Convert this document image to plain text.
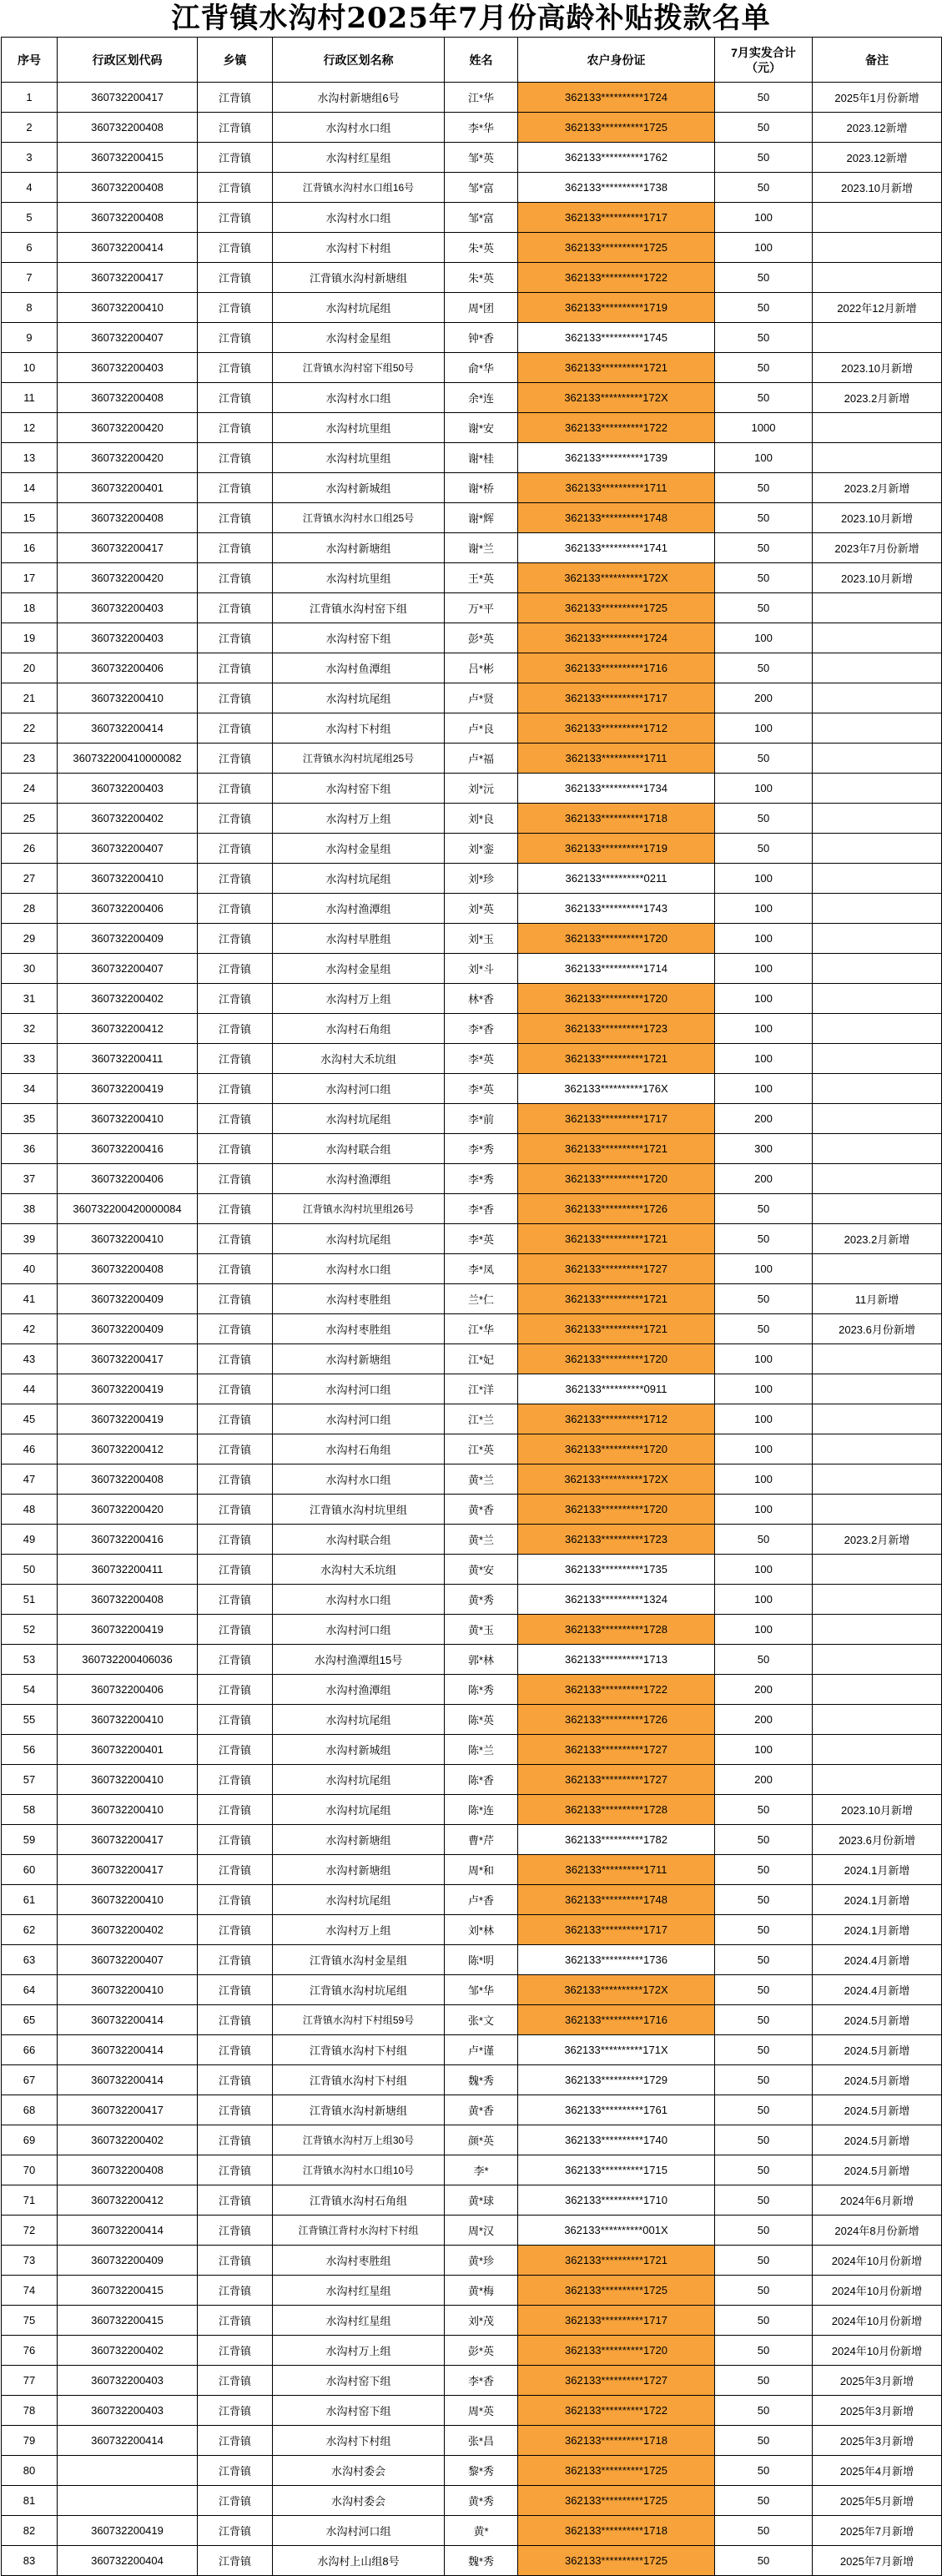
江背镇水沟村2025年7月份高龄补贴拨款名单
序号	行政区划代码	乡镇	行政区划名称	姓名	农户身份证	7月实发合计（元）	备注
1	360732200417	江背镇	水沟村新塘组6号	江*华	362133**********1724	50	2025年1月份新增
2	360732200408	江背镇	水沟村水口组	李*华	362133**********1725	50	2023.12新增
3	360732200415	江背镇	水沟村红星组	邹*英	362133**********1762	50	2023.12新增
4	360732200408	江背镇	江背镇水沟村水口组16号	邹*富	362133**********1738	50	2023.10月新增
5	360732200408	江背镇	水沟村水口组	邹*富	362133**********1717	100	
6	360732200414	江背镇	水沟村下村组	朱*英	362133**********1725	100	
7	360732200417	江背镇	江背镇水沟村新塘组	朱*英	362133**********1722	50	
8	360732200410	江背镇	水沟村坑尾组	周*团	362133**********1719	50	2022年12月新增
9	360732200407	江背镇	水沟村金星组	钟*香	362133**********1745	50	
10	360732200403	江背镇	江背镇水沟村窑下组50号	俞*华	362133**********1721	50	2023.10月新增
11	360732200408	江背镇	水沟村水口组	余*连	362133**********172X	50	2023.2月新增
12	360732200420	江背镇	水沟村坑里组	谢*安	362133**********1722	1000	
13	360732200420	江背镇	水沟村坑里组	谢*桂	362133**********1739	100	
14	360732200401	江背镇	水沟村新城组	谢*桥	362133**********1711	50	2023.2月新增
15	360732200408	江背镇	江背镇水沟村水口组25号	谢*辉	362133**********1748	50	2023.10月新增
16	360732200417	江背镇	水沟村新塘组	谢*兰	362133**********1741	50	2023年7月份新增
17	360732200420	江背镇	水沟村坑里组	王*英	362133**********172X	50	2023.10月新增
18	360732200403	江背镇	江背镇水沟村窑下组	万*平	362133**********1725	50	
19	360732200403	江背镇	水沟村窑下组	彭*英	362133**********1724	100	
20	360732200406	江背镇	水沟村鱼潭组	吕*彬	362133**********1716	50	
21	360732200410	江背镇	水沟村坑尾组	卢*贤	362133**********1717	200	
22	360732200414	江背镇	水沟村下村组	卢*良	362133**********1712	100	
23	360732200410000082	江背镇	江背镇水沟村坑尾组25号	卢*福	362133**********1711	50	
24	360732200403	江背镇	水沟村窑下组	刘*沅	362133**********1734	100	
25	360732200402	江背镇	水沟村万上组	刘*良	362133**********1718	50	
26	360732200407	江背镇	水沟村金星组	刘*銮	362133**********1719	50	
27	360732200410	江背镇	水沟村坑尾组	刘*珍	362133**********0211	100	
28	360732200406	江背镇	水沟村渔潭组	刘*英	362133**********1743	100	
29	360732200409	江背镇	水沟村早胜组	刘*玉	362133**********1720	100	
30	360732200407	江背镇	水沟村金星组	刘*斗	362133**********1714	100	
31	360732200402	江背镇	水沟村万上组	林*香	362133**********1720	100	
32	360732200412	江背镇	水沟村石角组	李*香	362133**********1723	100	
33	360732200411	江背镇	水沟村大禾坑组	李*英	362133**********1721	100	
34	360732200419	江背镇	水沟村河口组	李*英	362133**********176X	100	
35	360732200410	江背镇	水沟村坑尾组	李*前	362133**********1717	200	
36	360732200416	江背镇	水沟村联合组	李*秀	362133**********1721	300	
37	360732200406	江背镇	水沟村渔潭组	李*秀	362133**********1720	200	
38	360732200420000084	江背镇	江背镇水沟村坑里组26号	李*香	362133**********1726	50	
39	360732200410	江背镇	水沟村坑尾组	李*英	362133**********1721	50	2023.2月新增
40	360732200408	江背镇	水沟村水口组	李*凤	362133**********1727	100	
41	360732200409	江背镇	水沟村枣胜组	兰*仁	362133**********1721	50	11月新增
42	360732200409	江背镇	水沟村枣胜组	江*华	362133**********1721	50	2023.6月份新增
43	360732200417	江背镇	水沟村新塘组	江*妃	362133**********1720	100	
44	360732200419	江背镇	水沟村河口组	江*洋	362133**********0911	100	
45	360732200419	江背镇	水沟村河口组	江*兰	362133**********1712	100	
46	360732200412	江背镇	水沟村石角组	江*英	362133**********1720	100	
47	360732200408	江背镇	水沟村水口组	黄*兰	362133**********172X	100	
48	360732200420	江背镇	江背镇水沟村坑里组	黄*香	362133**********1720	100	
49	360732200416	江背镇	水沟村联合组	黄*兰	362133**********1723	50	2023.2月新增
50	360732200411	江背镇	水沟村大禾坑组	黄*安	362133**********1735	100	
51	360732200408	江背镇	水沟村水口组	黄*秀	362133**********1324	100	
52	360732200419	江背镇	水沟村河口组	黄*玉	362133**********1728	100	
53	360732200406036	江背镇	水沟村渔潭组15号	郭*林	362133**********1713	50	
54	360732200406	江背镇	水沟村渔潭组	陈*秀	362133**********1722	200	
55	360732200410	江背镇	水沟村坑尾组	陈*英	362133**********1726	200	
56	360732200401	江背镇	水沟村新城组	陈*兰	362133**********1727	100	
57	360732200410	江背镇	水沟村坑尾组	陈*香	362133**********1727	200	
58	360732200410	江背镇	水沟村坑尾组	陈*连	362133**********1728	50	2023.10月新增
59	360732200417	江背镇	水沟村新塘组	曹*芹	362133**********1782	50	2023.6月份新增
60	360732200417	江背镇	水沟村新塘组	周*和	362133**********1711	50	2024.1月新增
61	360732200410	江背镇	水沟村坑尾组	卢*香	362133**********1748	50	2024.1月新增
62	360732200402	江背镇	水沟村万上组	刘*林	362133**********1717	50	2024.1月新增
63	360732200407	江背镇	江背镇水沟村金星组	陈*明	362133**********1736	50	2024.4月新增
64	360732200410	江背镇	江背镇水沟村坑尾组	邹*华	362133**********172X	50	2024.4月新增
65	360732200414	江背镇	江背镇水沟村下村组59号	张*文	362133**********1716	50	2024.5月新增
66	360732200414	江背镇	江背镇水沟村下村组	卢*谨	362133**********171X	50	2024.5月新增
67	360732200414	江背镇	江背镇水沟村下村组	魏*秀	362133**********1729	50	2024.5月新增
68	360732200417	江背镇	江背镇水沟村新塘组	黄*香	362133**********1761	50	2024.5月新增
69	360732200402	江背镇	江背镇水沟村万上组30号	颜*英	362133**********1740	50	2024.5月新增
70	360732200408	江背镇	江背镇水沟村水口组10号	李*	362133**********1715	50	2024.5月新增
71	360732200412	江背镇	江背镇水沟村石角组	黄*球	362133**********1710	50	2024年6月新增
72	360732200414	江背镇	江背镇江背村水沟村下村组	周*汉	362133**********001X	50	2024年8月份新增
73	360732200409	江背镇	水沟村枣胜组	黄*珍	362133**********1721	50	2024年10月份新增
74	360732200415	江背镇	水沟村红星组	黄*梅	362133**********1725	50	2024年10月份新增
75	360732200415	江背镇	水沟村红星组	刘*茂	362133**********1717	50	2024年10月份新增
76	360732200402	江背镇	水沟村万上组	彭*英	362133**********1720	50	2024年10月份新增
77	360732200403	江背镇	水沟村窑下组	李*香	362133**********1727	50	2025年3月新增
78	360732200403	江背镇	水沟村窑下组	周*英	362133**********1722	50	2025年3月新增
79	360732200414	江背镇	水沟村下村组	张*昌	362133**********1718	50	2025年3月新增
80		江背镇	水沟村委会	黎*秀	362133**********1725	50	2025年4月新增
81		江背镇	水沟村委会	黄*秀	362133**********1725	50	2025年5月新增
82	360732200419	江背镇	水沟村河口组	黄*	362133**********1718	50	2025年7月新增
83	360732200404	江背镇	水沟村上山组8号	魏*秀	362133**********1725	50	2025年7月新增
